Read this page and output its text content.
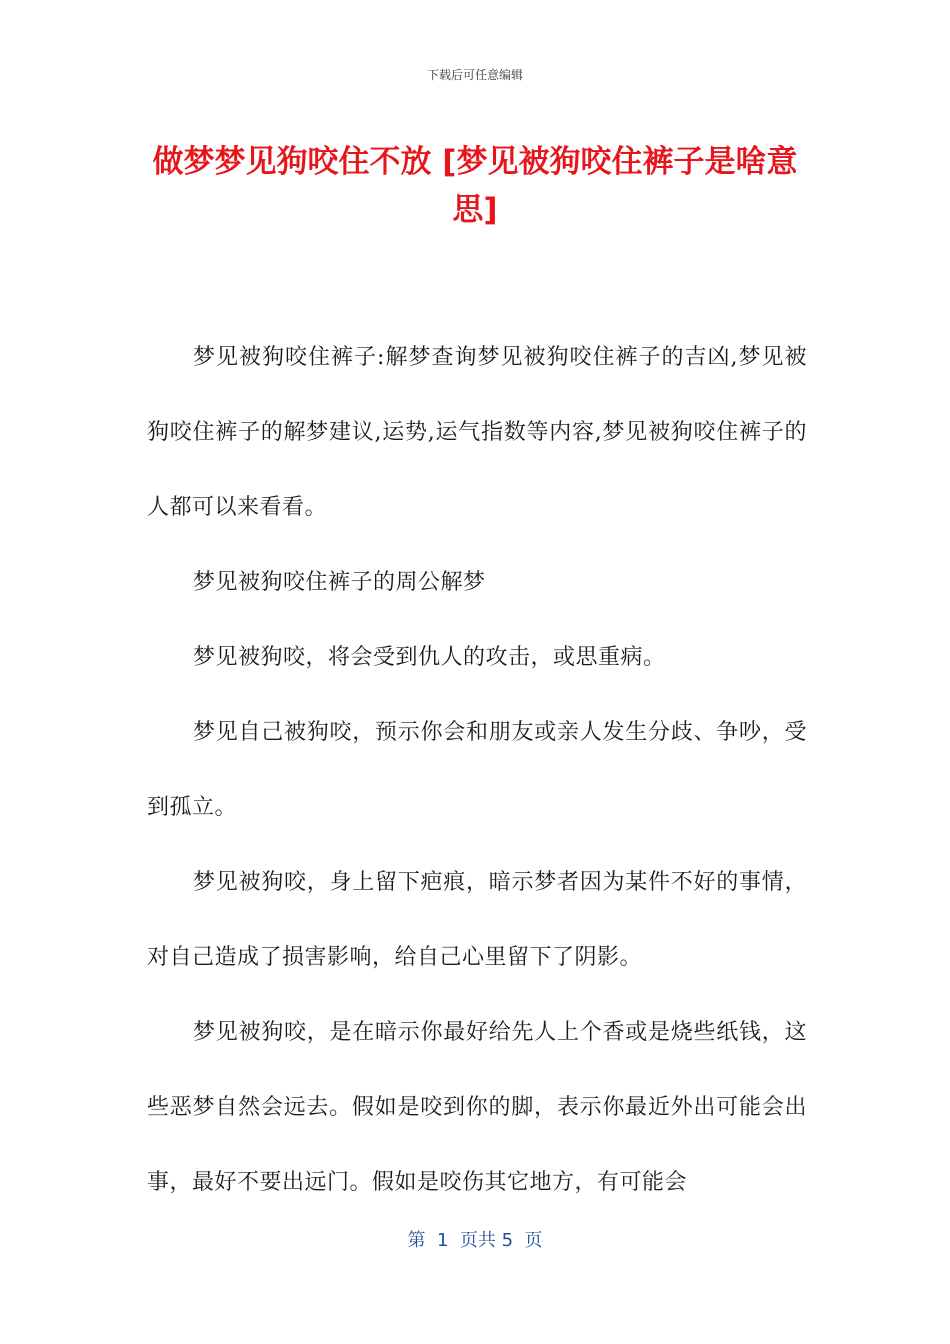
下载后可任意编辑
做梦梦见狗咬住不放 [梦见被狗咬住裤子是啥意思]

梦见被狗咬住裤子:解梦查询梦见被狗咬住裤子的吉凶,梦见被狗咬住裤子的解梦建议,运势,运气指数等内容,梦见被狗咬住裤子的人都可以来看看。

梦见被狗咬住裤子的周公解梦

梦见被狗咬，将会受到仇人的攻击，或思重病。

梦见自己被狗咬，预示你会和朋友或亲人发生分歧、争吵，受到孤立。

梦见被狗咬，身上留下疤痕，暗示梦者因为某件不好的事情，对自己造成了损害影响，给自己心里留下了阴影。

梦见被狗咬，是在暗示你最好给先人上个香或是烧些纸钱，这些恶梦自然会远去。假如是咬到你的脚，表示你最近外出可能会出事，最好不要出远门。假如是咬伤其它地方，有可能会

第  1  页共 5  页
